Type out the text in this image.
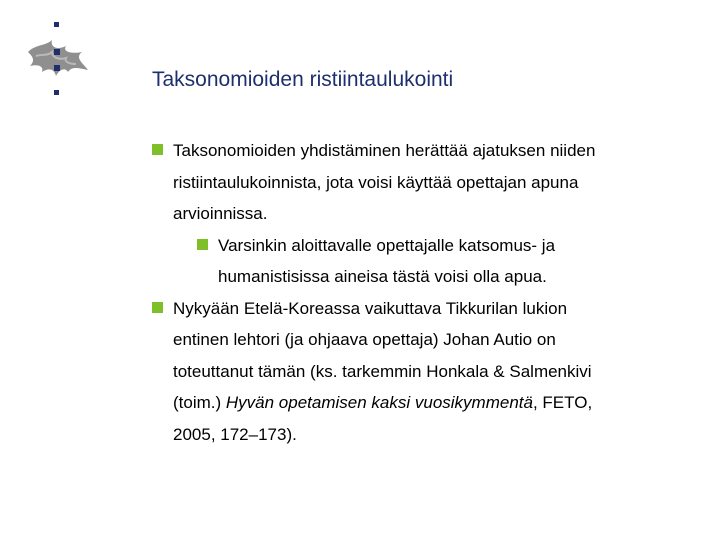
Taksonomioiden ristiintaulukointi
Taksonomioiden yhdistäminen herättää ajatuksen niiden
ristiintaulukoinnista, jota voisi käyttää opettajan apuna
arvioinnissa.
Varsinkin aloittavalle opettajalle katsomus- ja
humanistisissa aineisa tästä voisi olla apua.
Nykyään Etelä-Koreassa vaikuttava Tikkurilan lukion
entinen lehtori (ja ohjaava opettaja) Johan Autio on
toteuttanut tämän (ks. tarkemmin Honkala & Salmenkivi
(toim.) Hyvän opetamisen kaksi vuosikymmentä, FETO,
2005, 172–173).
